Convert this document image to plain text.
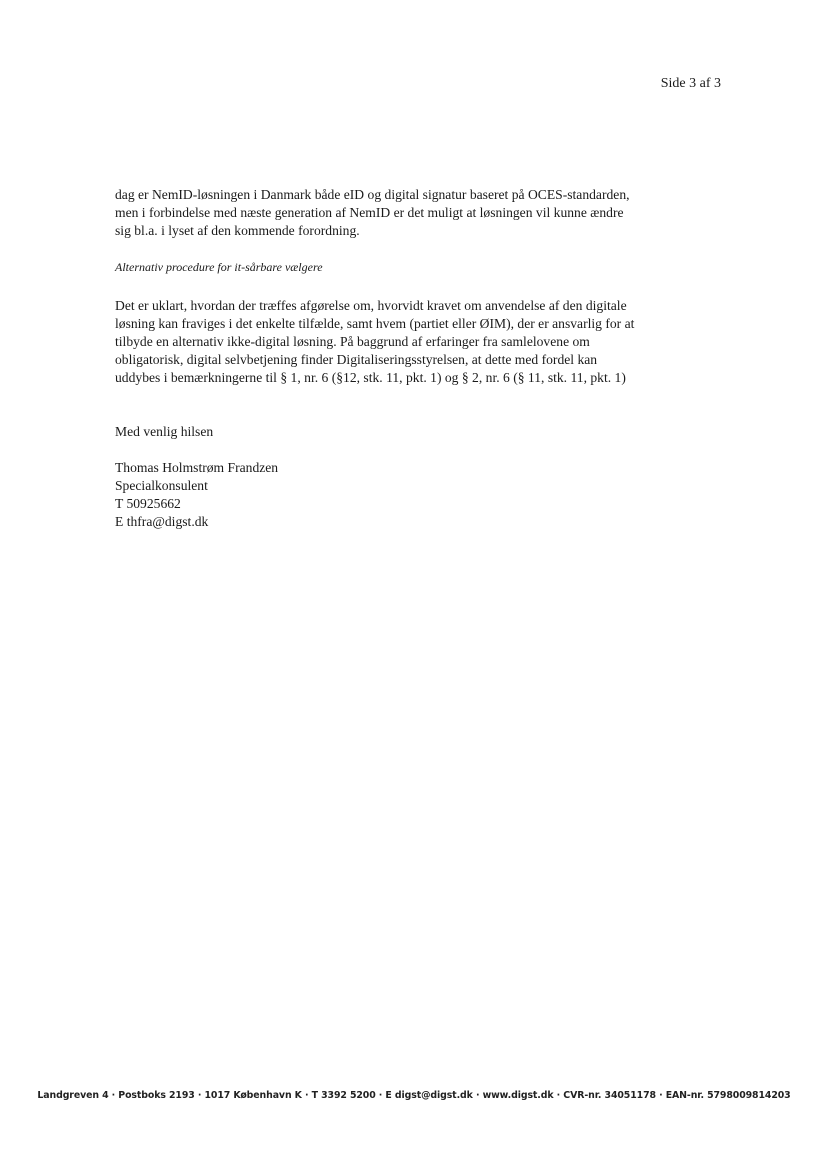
Side 3 af 3

dag er NemID-løsningen i Danmark både eID og digital signatur baseret på OCES-standarden, men i forbindelse med næste generation af NemID er det muligt at løsningen vil kunne ændre sig bl.a. i lyset af den kommende forordning.

Alternativ procedure for it-sårbare vælgere

Det er uklart, hvordan der træffes afgørelse om, hvorvidt kravet om anvendelse af den digitale løsning kan fraviges i det enkelte tilfælde, samt hvem (partiet eller ØIM), der er ansvarlig for at tilbyde en alternativ ikke-digital løsning. På baggrund af erfaringer fra samlelovene om obligatorisk, digital selvbetjening finder Digitaliseringsstyrelsen, at dette med fordel kan uddybes i bemærkningerne til § 1, nr. 6 (§12, stk. 11, pkt. 1) og § 2, nr. 6 (§ 11, stk. 11, pkt. 1)

Med venlig hilsen

Thomas Holmstrøm Frandzen
Specialkonsulent
T 50925662
E thfra@digst.dk
Landgreven 4 · Postboks 2193 · 1017 København K · T 3392 5200 · E digst@digst.dk · www.digst.dk · CVR-nr. 34051178 · EAN-nr. 5798009814203
